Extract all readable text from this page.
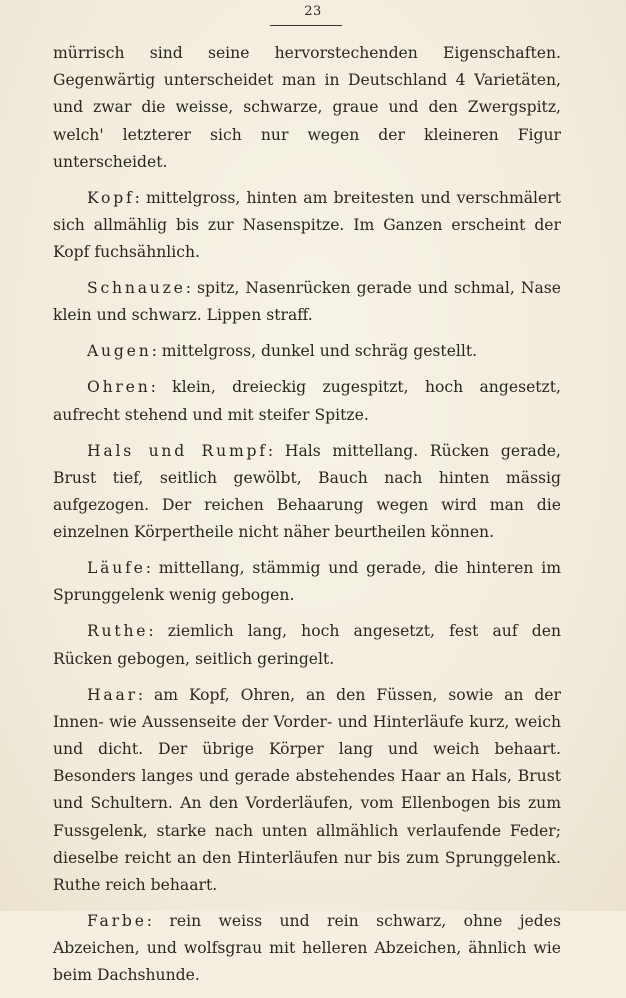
23

mürrisch sind seine hervorstechenden Eigenschaften. Gegenwärtig unterscheidet man in Deutschland 4 Varietäten, und zwar die weisse, schwarze, graue und den Zwergspitz, welch' letzterer sich nur wegen der kleineren Figur unterscheidet.

Kopf: mittelgross, hinten am breitesten und verschmälert sich allmählig bis zur Nasenspitze. Im Ganzen erscheint der Kopf fuchsähnlich.

Schnauze: spitz, Nasenrücken gerade und schmal, Nase klein und schwarz. Lippen straff.

Augen: mittelgross, dunkel und schräg gestellt.

Ohren: klein, dreieckig zugespitzt, hoch angesetzt, aufrecht stehend und mit steifer Spitze.

Hals und Rumpf: Hals mittellang. Rücken gerade, Brust tief, seitlich gewölbt, Bauch nach hinten mässig aufgezogen. Der reichen Behaarung wegen wird man die einzelnen Körpertheile nicht näher beurtheilen können.

Läufe: mittellang, stämmig und gerade, die hinteren im Sprunggelenk wenig gebogen.

Ruthe: ziemlich lang, hoch angesetzt, fest auf den Rücken gebogen, seitlich geringelt.

Haar: am Kopf, Ohren, an den Füssen, sowie an der Innen- wie Aussenseite der Vorder- und Hinterläufe kurz, weich und dicht. Der übrige Körper lang und weich behaart. Besonders langes und gerade abstehendes Haar an Hals, Brust und Schultern. An den Vorderläufen, vom Ellenbogen bis zum Fussgelenk, starke nach unten allmählich verlaufende Feder; dieselbe reicht an den Hinterläufen nur bis zum Sprunggelenk. Ruthe reich behaart.

Farbe: rein weiss und rein schwarz, ohne jedes Abzeichen, und wolfsgrau mit helleren Abzeichen, ähnlich wie beim Dachshunde.
